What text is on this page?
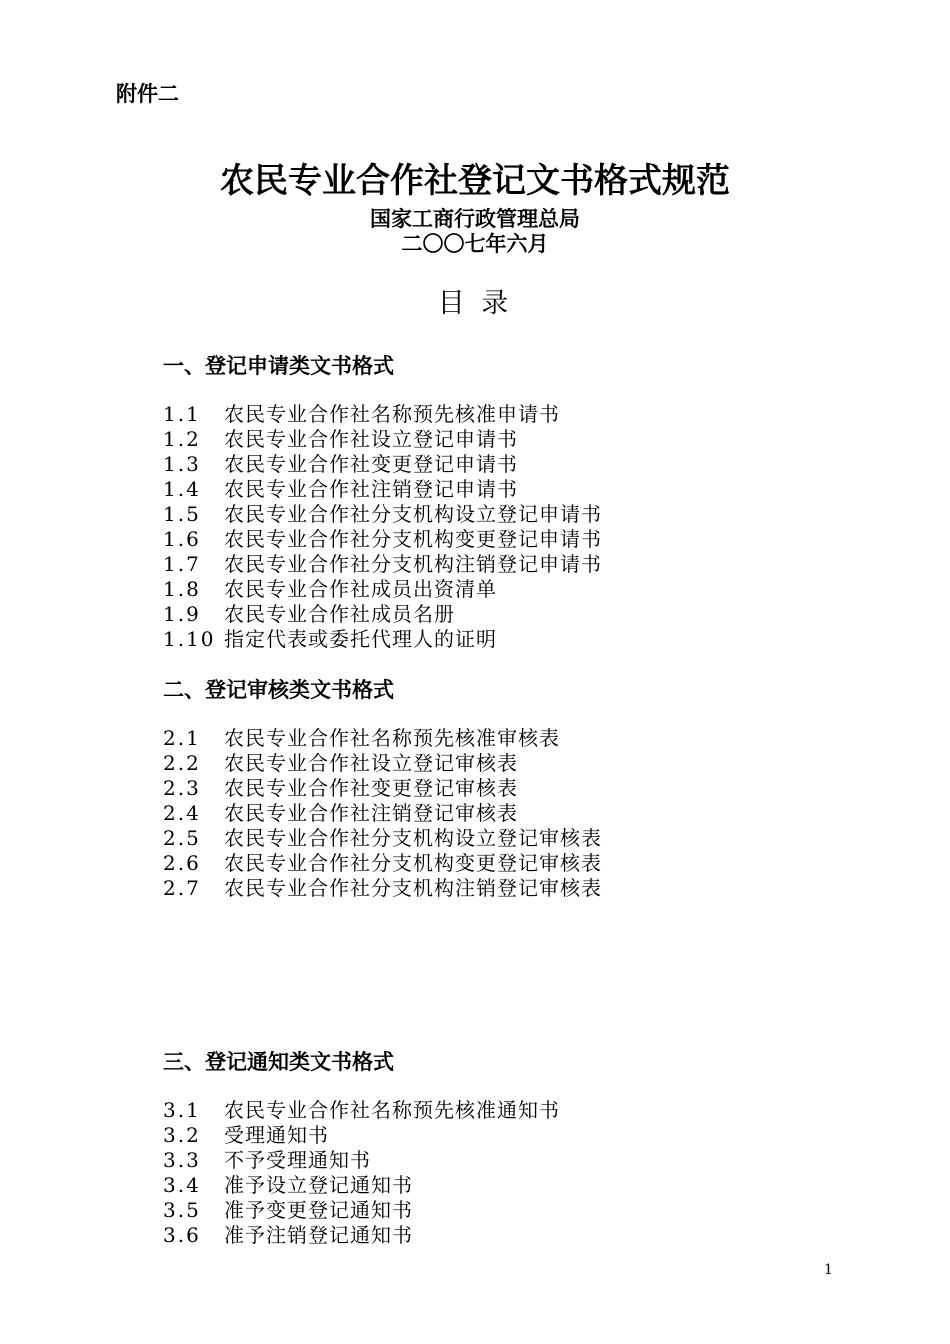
附件二
农民专业合作社登记文书格式规范
国家工商行政管理总局
二〇〇七年六月
目 录
一、登记申请类文书格式
1.1	农民专业合作社名称预先核准申请书
1.2	农民专业合作社设立登记申请书
1.3	农民专业合作社变更登记申请书
1.4	农民专业合作社注销登记申请书
1.5	农民专业合作社分支机构设立登记申请书
1.6	农民专业合作社分支机构变更登记申请书
1.7	农民专业合作社分支机构注销登记申请书
1.8	农民专业合作社成员出资清单
1.9	农民专业合作社成员名册
1.10 指定代表或委托代理人的证明
二、登记审核类文书格式
2.1	农民专业合作社名称预先核准审核表
2.2	农民专业合作社设立登记审核表
2.3	农民专业合作社变更登记审核表
2.4	农民专业合作社注销登记审核表
2.5	农民专业合作社分支机构设立登记审核表
2.6	农民专业合作社分支机构变更登记审核表
2.7	农民专业合作社分支机构注销登记审核表
三、登记通知类文书格式
3.1	农民专业合作社名称预先核准通知书
3.2	受理通知书
3.3	不予受理通知书
3.4	准予设立登记通知书
3.5	准予变更登记通知书
3.6	准予注销登记通知书
1
